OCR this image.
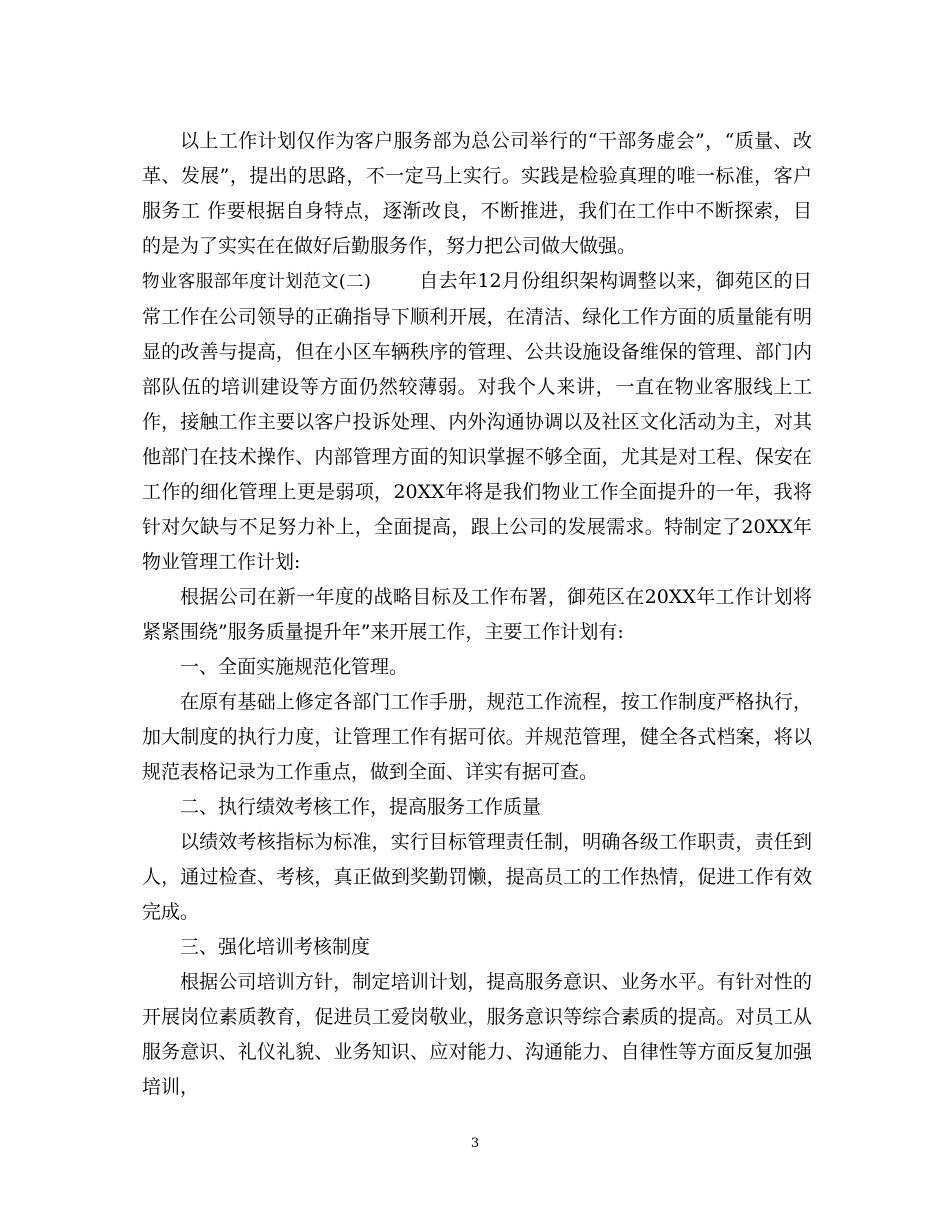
以上工作计划仅作为客户服务部为总公司举行的“干部务虚会”，“质量、改革、发展”，提出的思路，不一定马上实行。实践是检验真理的唯一标准，客户服务工 作要根据自身特点，逐渐改良，不断推进，我们在工作中不断探索，目的是为了实实在在做好后勤服务作，努力把公司做大做强。

物业客服部年度计划范文(二)	自去年12月份组织架构调整以来，御苑区的日常工作在公司领导的正确指导下顺利开展，在清洁、绿化工作方面的质量能有明显的改善与提高，但在小区车辆秩序的管理、公共设施设备维保的管理、部门内部队伍的培训建设等方面仍然较薄弱。对我个人来讲，一直在物业客服线上工作，接触工作主要以客户投诉处理、内外沟通协调以及社区文化活动为主，对其他部门在技术操作、内部管理方面的知识掌握不够全面，尤其是对工程、保安在工作的细化管理上更是弱项，20XX年将是我们物业工作全面提升的一年，我将针对欠缺与不足努力补上，全面提高，跟上公司的发展需求。特制定了20XX年物业管理工作计划:

根据公司在新一年度的战略目标及工作布署，御苑区在20XX年工作计划将紧紧围绕”服务质量提升年”来开展工作，主要工作计划有:

一、全面实施规范化管理。

在原有基础上修定各部门工作手册，规范工作流程，按工作制度严格执行，加大制度的执行力度，让管理工作有据可依。并规范管理，健全各式档案，将以规范表格记录为工作重点，做到全面、详实有据可查。

二、执行绩效考核工作，提高服务工作质量

以绩效考核指标为标准，实行目标管理责任制，明确各级工作职责，责任到人，通过检查、考核，真正做到奖勤罚懒，提高员工的工作热情，促进工作有效完成。

三、强化培训考核制度

根据公司培训方针，制定培训计划，提高服务意识、业务水平。有针对性的开展岗位素质教育，促进员工爱岗敬业，服务意识等综合素质的提高。对员工从服务意识、礼仪礼貌、业务知识、应对能力、沟通能力、自律性等方面反复加强培训，

3
